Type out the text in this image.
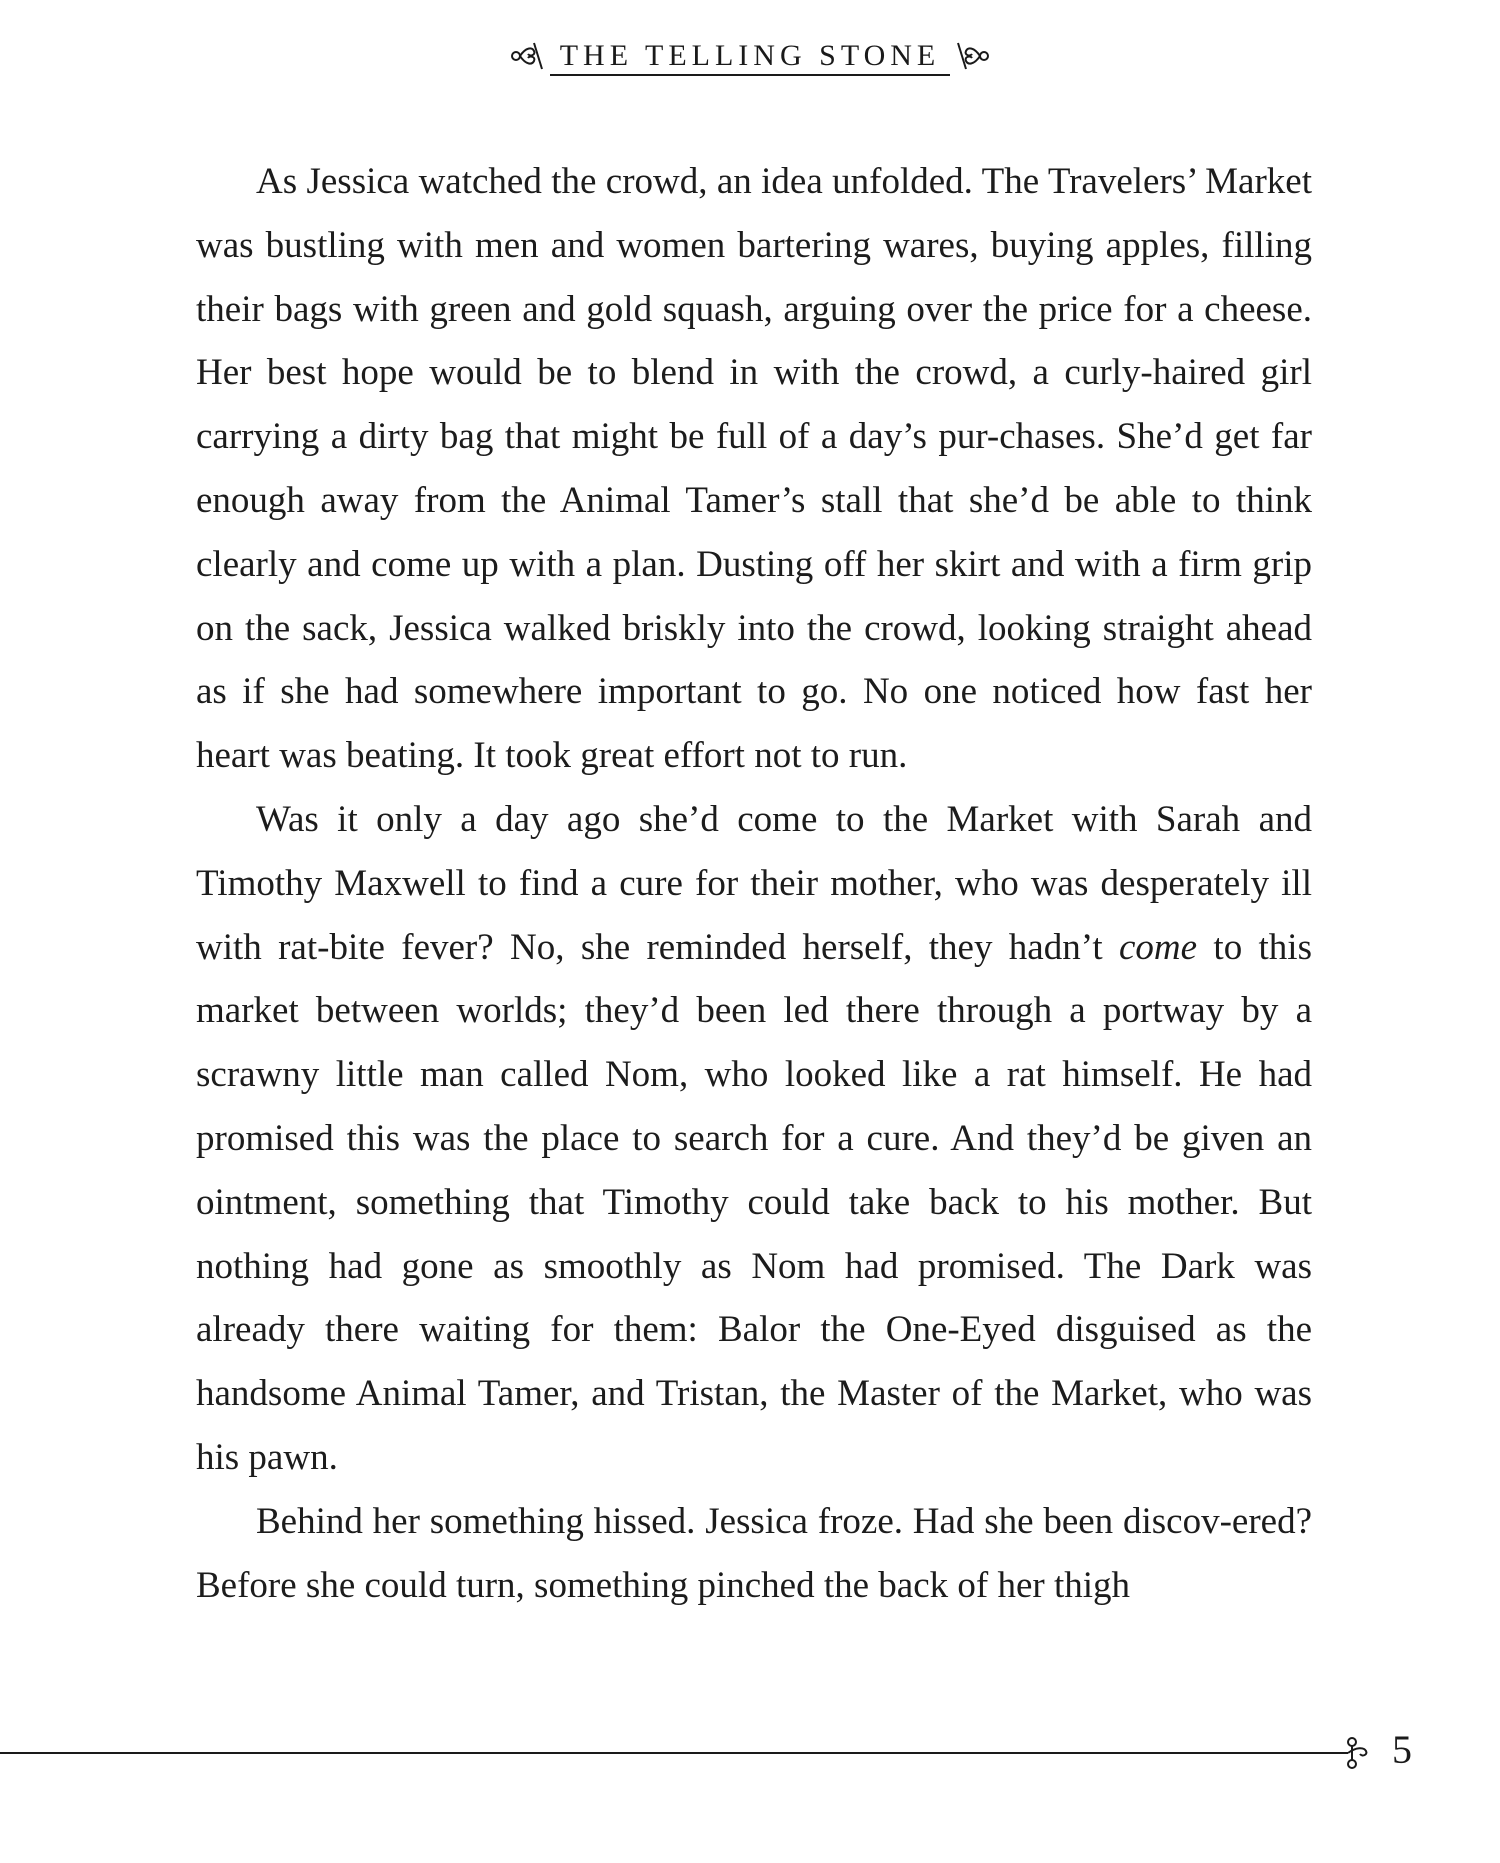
THE TELLING STONE

As Jessica watched the crowd, an idea unfolded. The Travelers’ Market was bustling with men and women bartering wares, buying apples, filling their bags with green and gold squash, arguing over the price for a cheese. Her best hope would be to blend in with the crowd, a curly-haired girl carrying a dirty bag that might be full of a day’s pur-chases. She’d get far enough away from the Animal Tamer’s stall that she’d be able to think clearly and come up with a plan. Dusting off her skirt and with a firm grip on the sack, Jessica walked briskly into the crowd, looking straight ahead as if she had somewhere important to go. No one noticed how fast her heart was beating. It took great effort not to run.

Was it only a day ago she’d come to the Market with Sarah and Timothy Maxwell to find a cure for their mother, who was desperately ill with rat-bite fever? No, she reminded herself, they hadn’t come to this market between worlds; they’d been led there through a portway by a scrawny little man called Nom, who looked like a rat himself. He had promised this was the place to search for a cure. And they’d be given an ointment, something that Timothy could take back to his mother. But nothing had gone as smoothly as Nom had promised. The Dark was already there waiting for them: Balor the One-Eyed disguised as the handsome Animal Tamer, and Tristan, the Master of the Market, who was his pawn.

Behind her something hissed. Jessica froze. Had she been discov-ered? Before she could turn, something pinched the back of her thigh

5
